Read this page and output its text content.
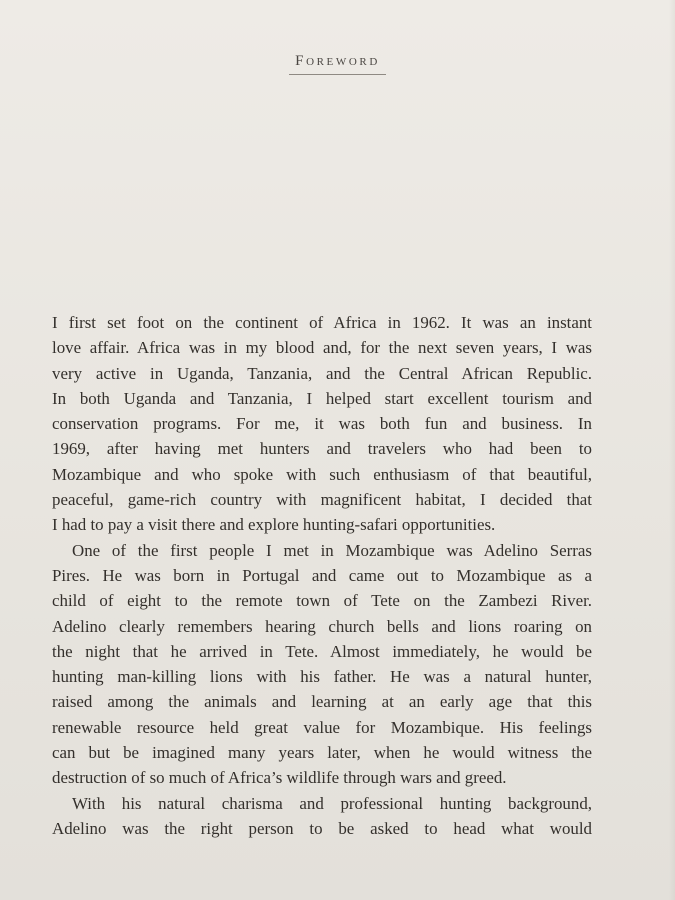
Foreword

I first set foot on the continent of Africa in 1962. It was an instant
love affair. Africa was in my blood and, for the next seven years, I was
very active in Uganda, Tanzania, and the Central African Republic.
In both Uganda and Tanzania, I helped start excellent tourism and
conservation programs. For me, it was both fun and business. In
1969, after having met hunters and travelers who had been to
Mozambique and who spoke with such enthusiasm of that beautiful,
peaceful, game-rich country with magnificent habitat, I decided that
I had to pay a visit there and explore hunting-safari opportunities.

One of the first people I met in Mozambique was Adelino Serras
Pires. He was born in Portugal and came out to Mozambique as a
child of eight to the remote town of Tete on the Zambezi River.
Adelino clearly remembers hearing church bells and lions roaring on
the night that he arrived in Tete. Almost immediately, he would be
hunting man-killing lions with his father. He was a natural hunter,
raised among the animals and learning at an early age that this
renewable resource held great value for Mozambique. His feelings
can but be imagined many years later, when he would witness the
destruction of so much of Africa’s wildlife through wars and greed.

With his natural charisma and professional hunting background,
Adelino was the right person to be asked to head what would
